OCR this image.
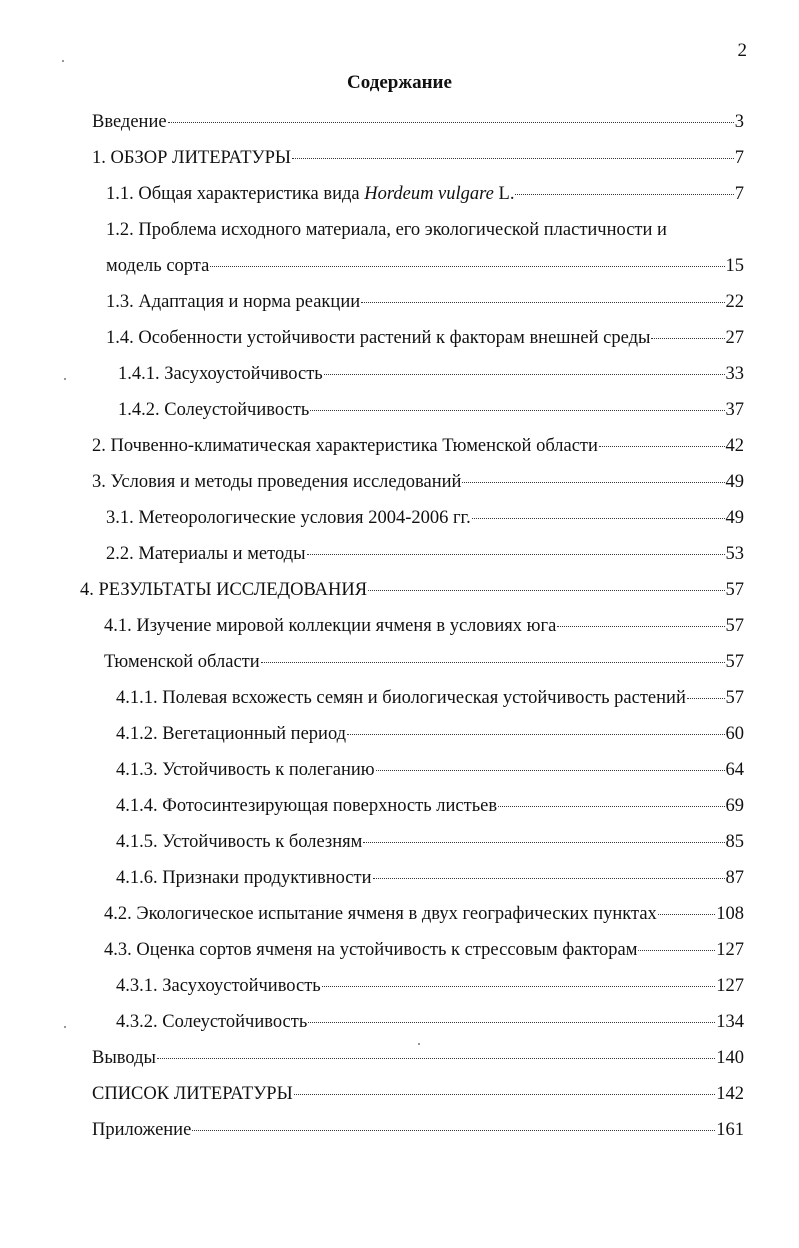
2
Содержание
Введение	3
1. ОБЗОР ЛИТЕРАТУРЫ	7
1.1. Общая характеристика вида Hordeum vulgare L.	7
1.2. Проблема исходного материала, его экологической пластичности и
модель сорта	15
1.3. Адаптация и норма реакции	22
1.4. Особенности устойчивости растений к факторам внешней среды	27
1.4.1. Засухоустойчивость	33
1.4.2. Солеустойчивость	37
2. Почвенно-климатическая характеристика Тюменской области	42
3. Условия и методы проведения исследований	49
3.1. Метеорологические условия 2004-2006 гг.	49
2.2. Материалы и методы	53
4. РЕЗУЛЬТАТЫ ИССЛЕДОВАНИЯ	57
4.1. Изучение мировой коллекции ячменя в условиях юга	57
Тюменской области	57
4.1.1. Полевая всхожесть семян и биологическая устойчивость растений 57
4.1.2. Вегетационный период	60
4.1.3. Устойчивость к полеганию	64
4.1.4. Фотосинтезирующая поверхность листьев	69
4.1.5. Устойчивость к болезням	85
4.1.6. Признаки продуктивности	87
4.2. Экологическое испытание ячменя в двух географических пунктах	108
4.3. Оценка сортов ячменя на устойчивость к стрессовым факторам	127
4.3.1. Засухоустойчивость	127
4.3.2. Солеустойчивость	134
Выводы	140
СПИСОК ЛИТЕРАТУРЫ	142
Приложение	161
